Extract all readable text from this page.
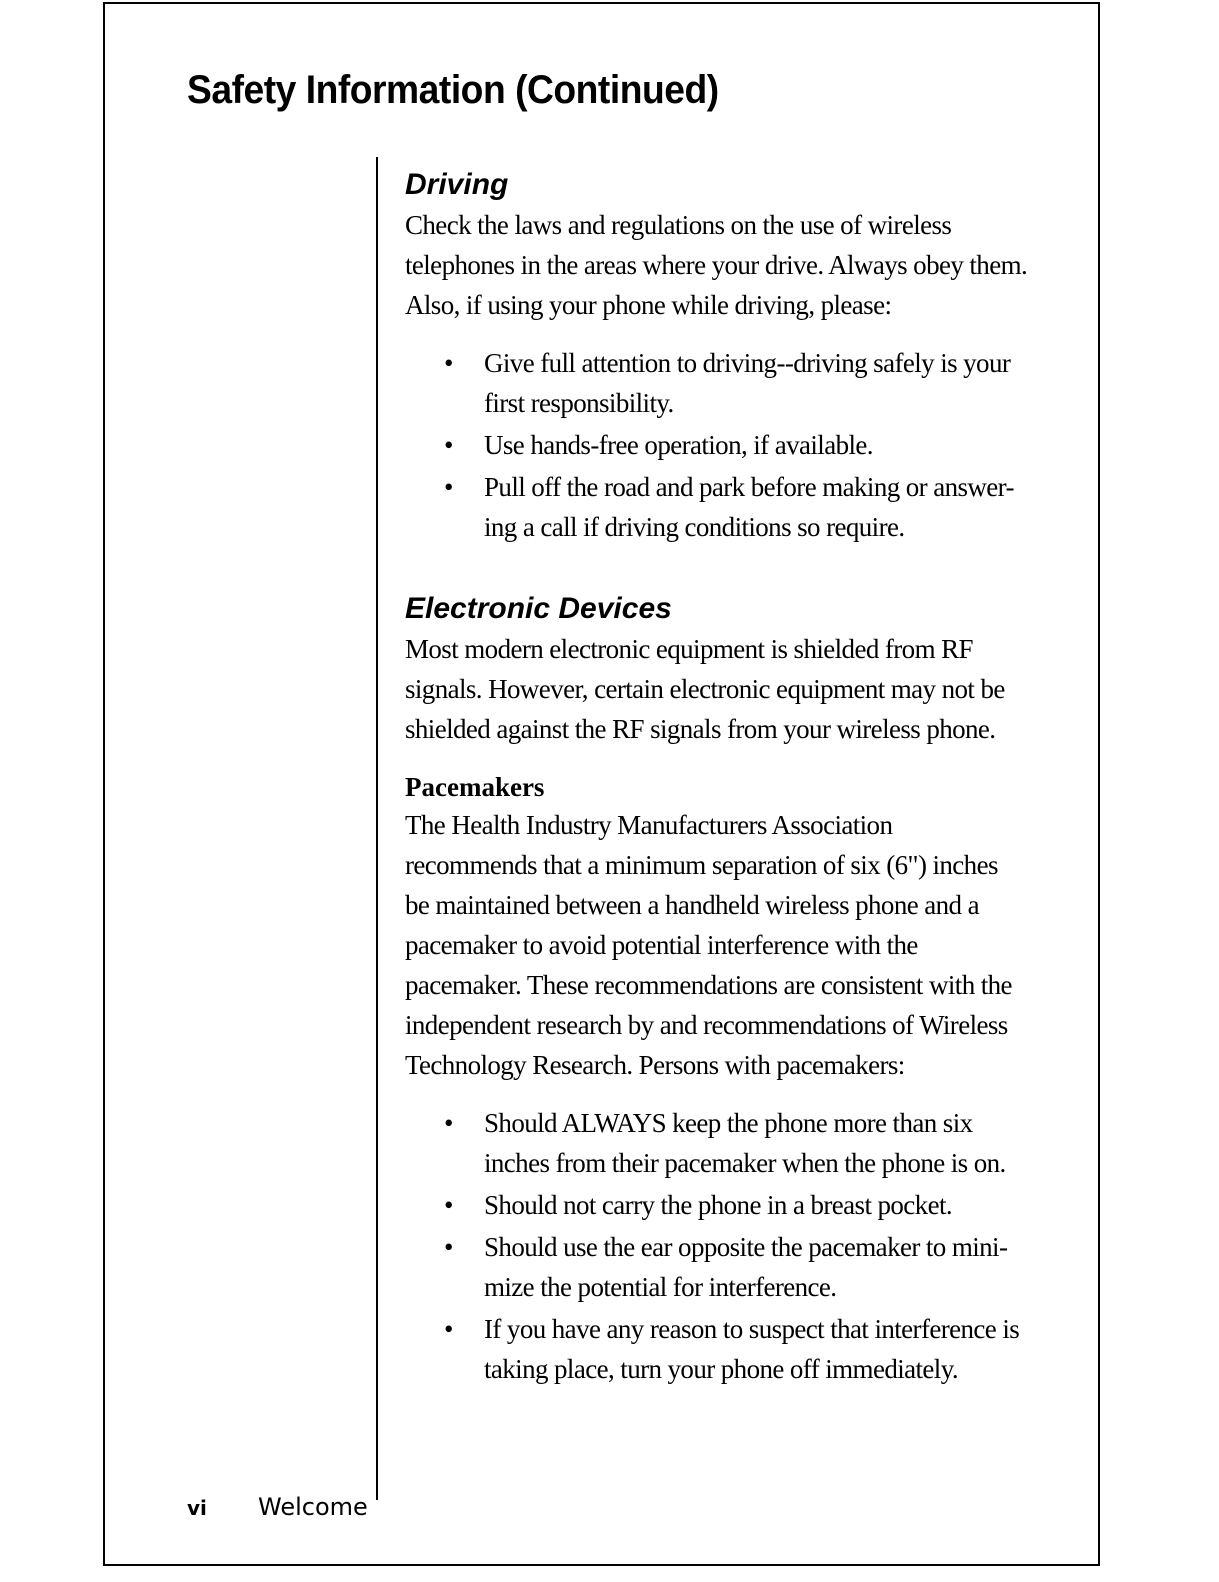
Safety Information (Continued)
Driving

Check the laws and regulations on the use of wireless
telephones in the areas where your drive. Always obey them.
Also, if using your phone while driving, please:

• Give full attention to driving--driving safely is your
first responsibility.
• Use hands-free operation, if available.
• Pull off the road and park before making or answer-
ing a call if driving conditions so require.
Electronic Devices

Most modern electronic equipment is shielded from RF
signals. However, certain electronic equipment may not be
shielded against the RF signals from your wireless phone.

Pacemakers

The Health Industry Manufacturers Association
recommends that a minimum separation of six (6") inches
be maintained between a handheld wireless phone and a
pacemaker to avoid potential interference with the
pacemaker. These recommendations are consistent with the
independent research by and recommendations of Wireless
Technology Research. Persons with pacemakers:

• Should ALWAYS keep the phone more than six
inches from their pacemaker when the phone is on.
• Should not carry the phone in a breast pocket.
• Should use the ear opposite the pacemaker to mini-
mize the potential for interference.
• If you have any reason to suspect that interference is
taking place, turn your phone off immediately.
vi Welcome
